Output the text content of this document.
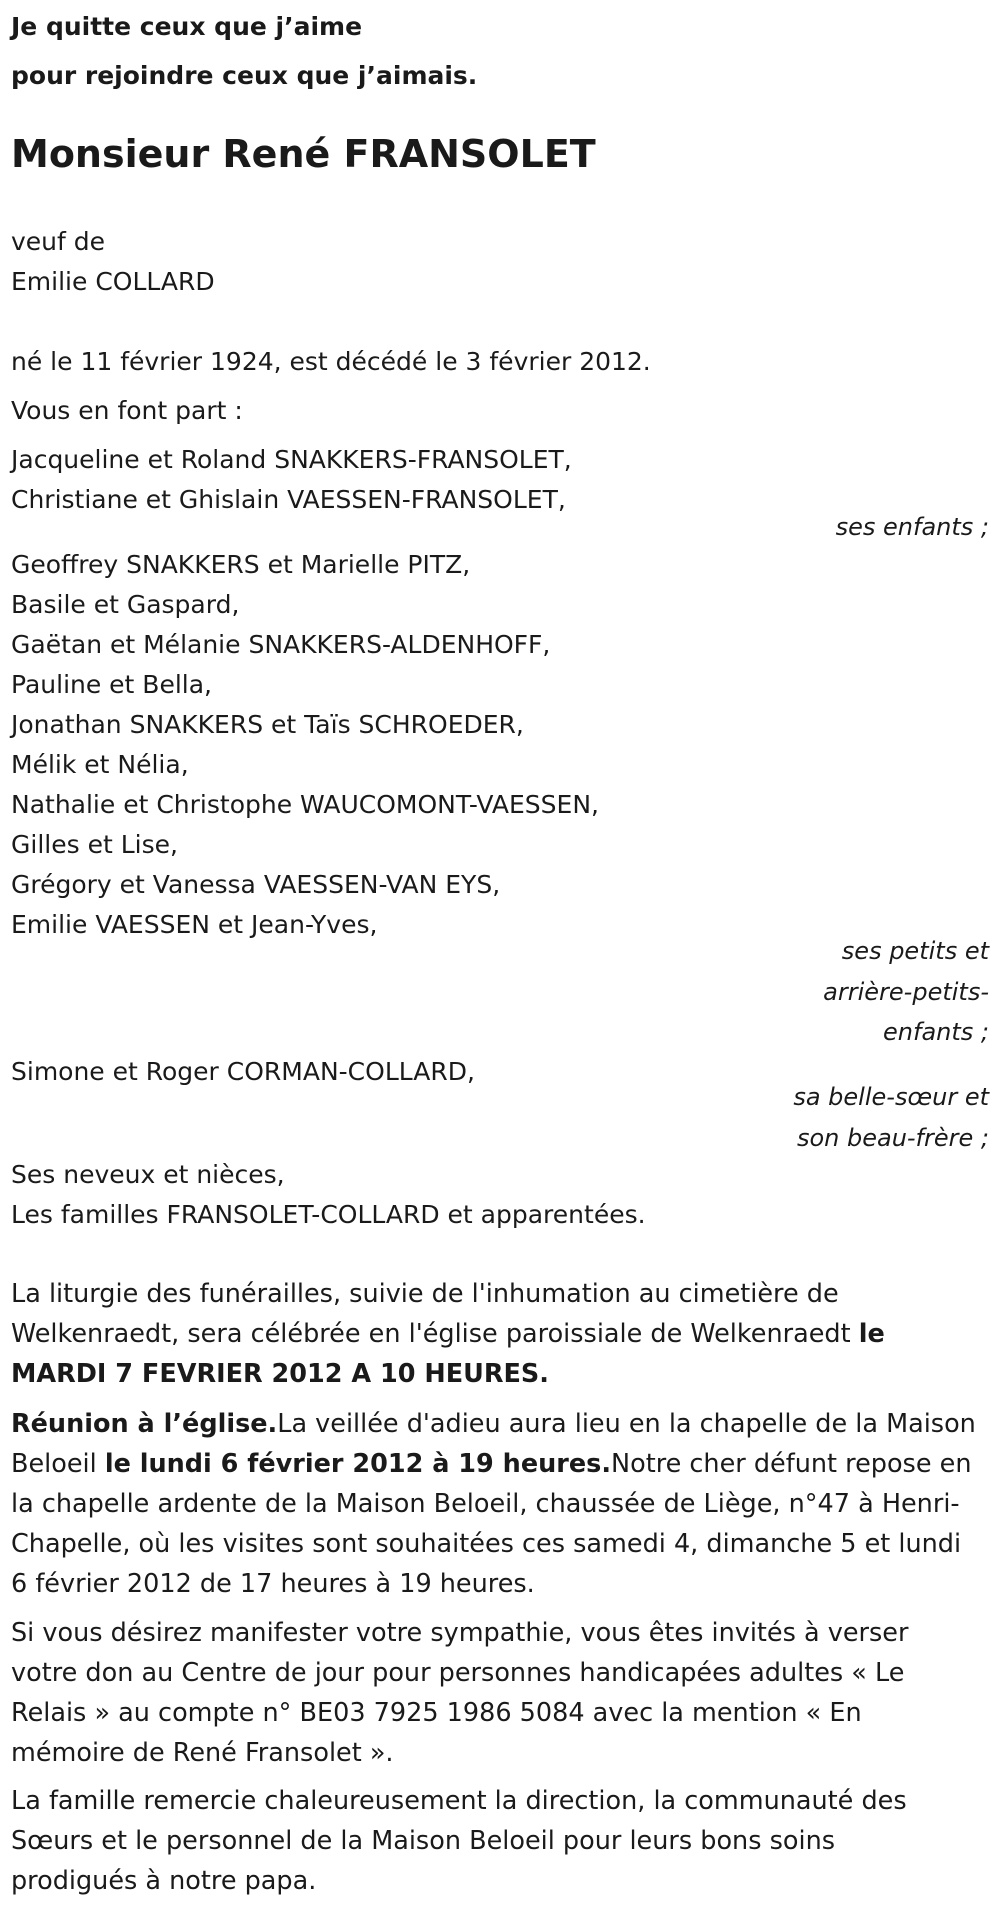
Je quitte ceux que j’aime
pour rejoindre ceux que j’aimais.
Monsieur René FRANSOLET
veuf de
Emilie COLLARD
né le 11 février 1924, est décédé le 3 février 2012.
Vous en font part :
Jacqueline et Roland SNAKKERS-FRANSOLET,
Christiane et Ghislain VAESSEN-FRANSOLET,
ses enfants ;
Geoffrey SNAKKERS et Marielle PITZ,
Basile et Gaspard,
Gaëtan et Mélanie SNAKKERS-ALDENHOFF,
Pauline et Bella,
Jonathan SNAKKERS et Taïs SCHROEDER,
Mélik et Nélia,
Nathalie et Christophe WAUCOMONT-VAESSEN,
Gilles et Lise,
Grégory et Vanessa VAESSEN-VAN EYS,
Emilie VAESSEN et Jean-Yves,
ses petits et
arrière-petits-
enfants ;
Simone et Roger CORMAN-COLLARD,
sa belle-sœur et
son beau-frère ;
Ses neveux et nièces,
Les familles FRANSOLET-COLLARD et apparentées.
La liturgie des funérailles, suivie de l'inhumation au cimetière de
Welkenraedt, sera célébrée en l'église paroissiale de Welkenraedt le
MARDI 7 FEVRIER 2012 A 10 HEURES.
Réunion à l’église.La veillée d'adieu aura lieu en la chapelle de la Maison
Beloeil le lundi 6 février 2012 à 19 heures.Notre cher défunt repose en
la chapelle ardente de la Maison Beloeil, chaussée de Liège, n°47 à Henri-
Chapelle, où les visites sont souhaitées ces samedi 4, dimanche 5 et lundi
6 février 2012 de 17 heures à 19 heures.
Si vous désirez manifester votre sympathie, vous êtes invités à verser
votre don au Centre de jour pour personnes handicapées adultes « Le
Relais » au compte n° BE03 7925 1986 5084 avec la mention « En
mémoire de René Fransolet ».
La famille remercie chaleureusement la direction, la communauté des
Sœurs et le personnel de la Maison Beloeil pour leurs bons soins
prodigués à notre papa.
